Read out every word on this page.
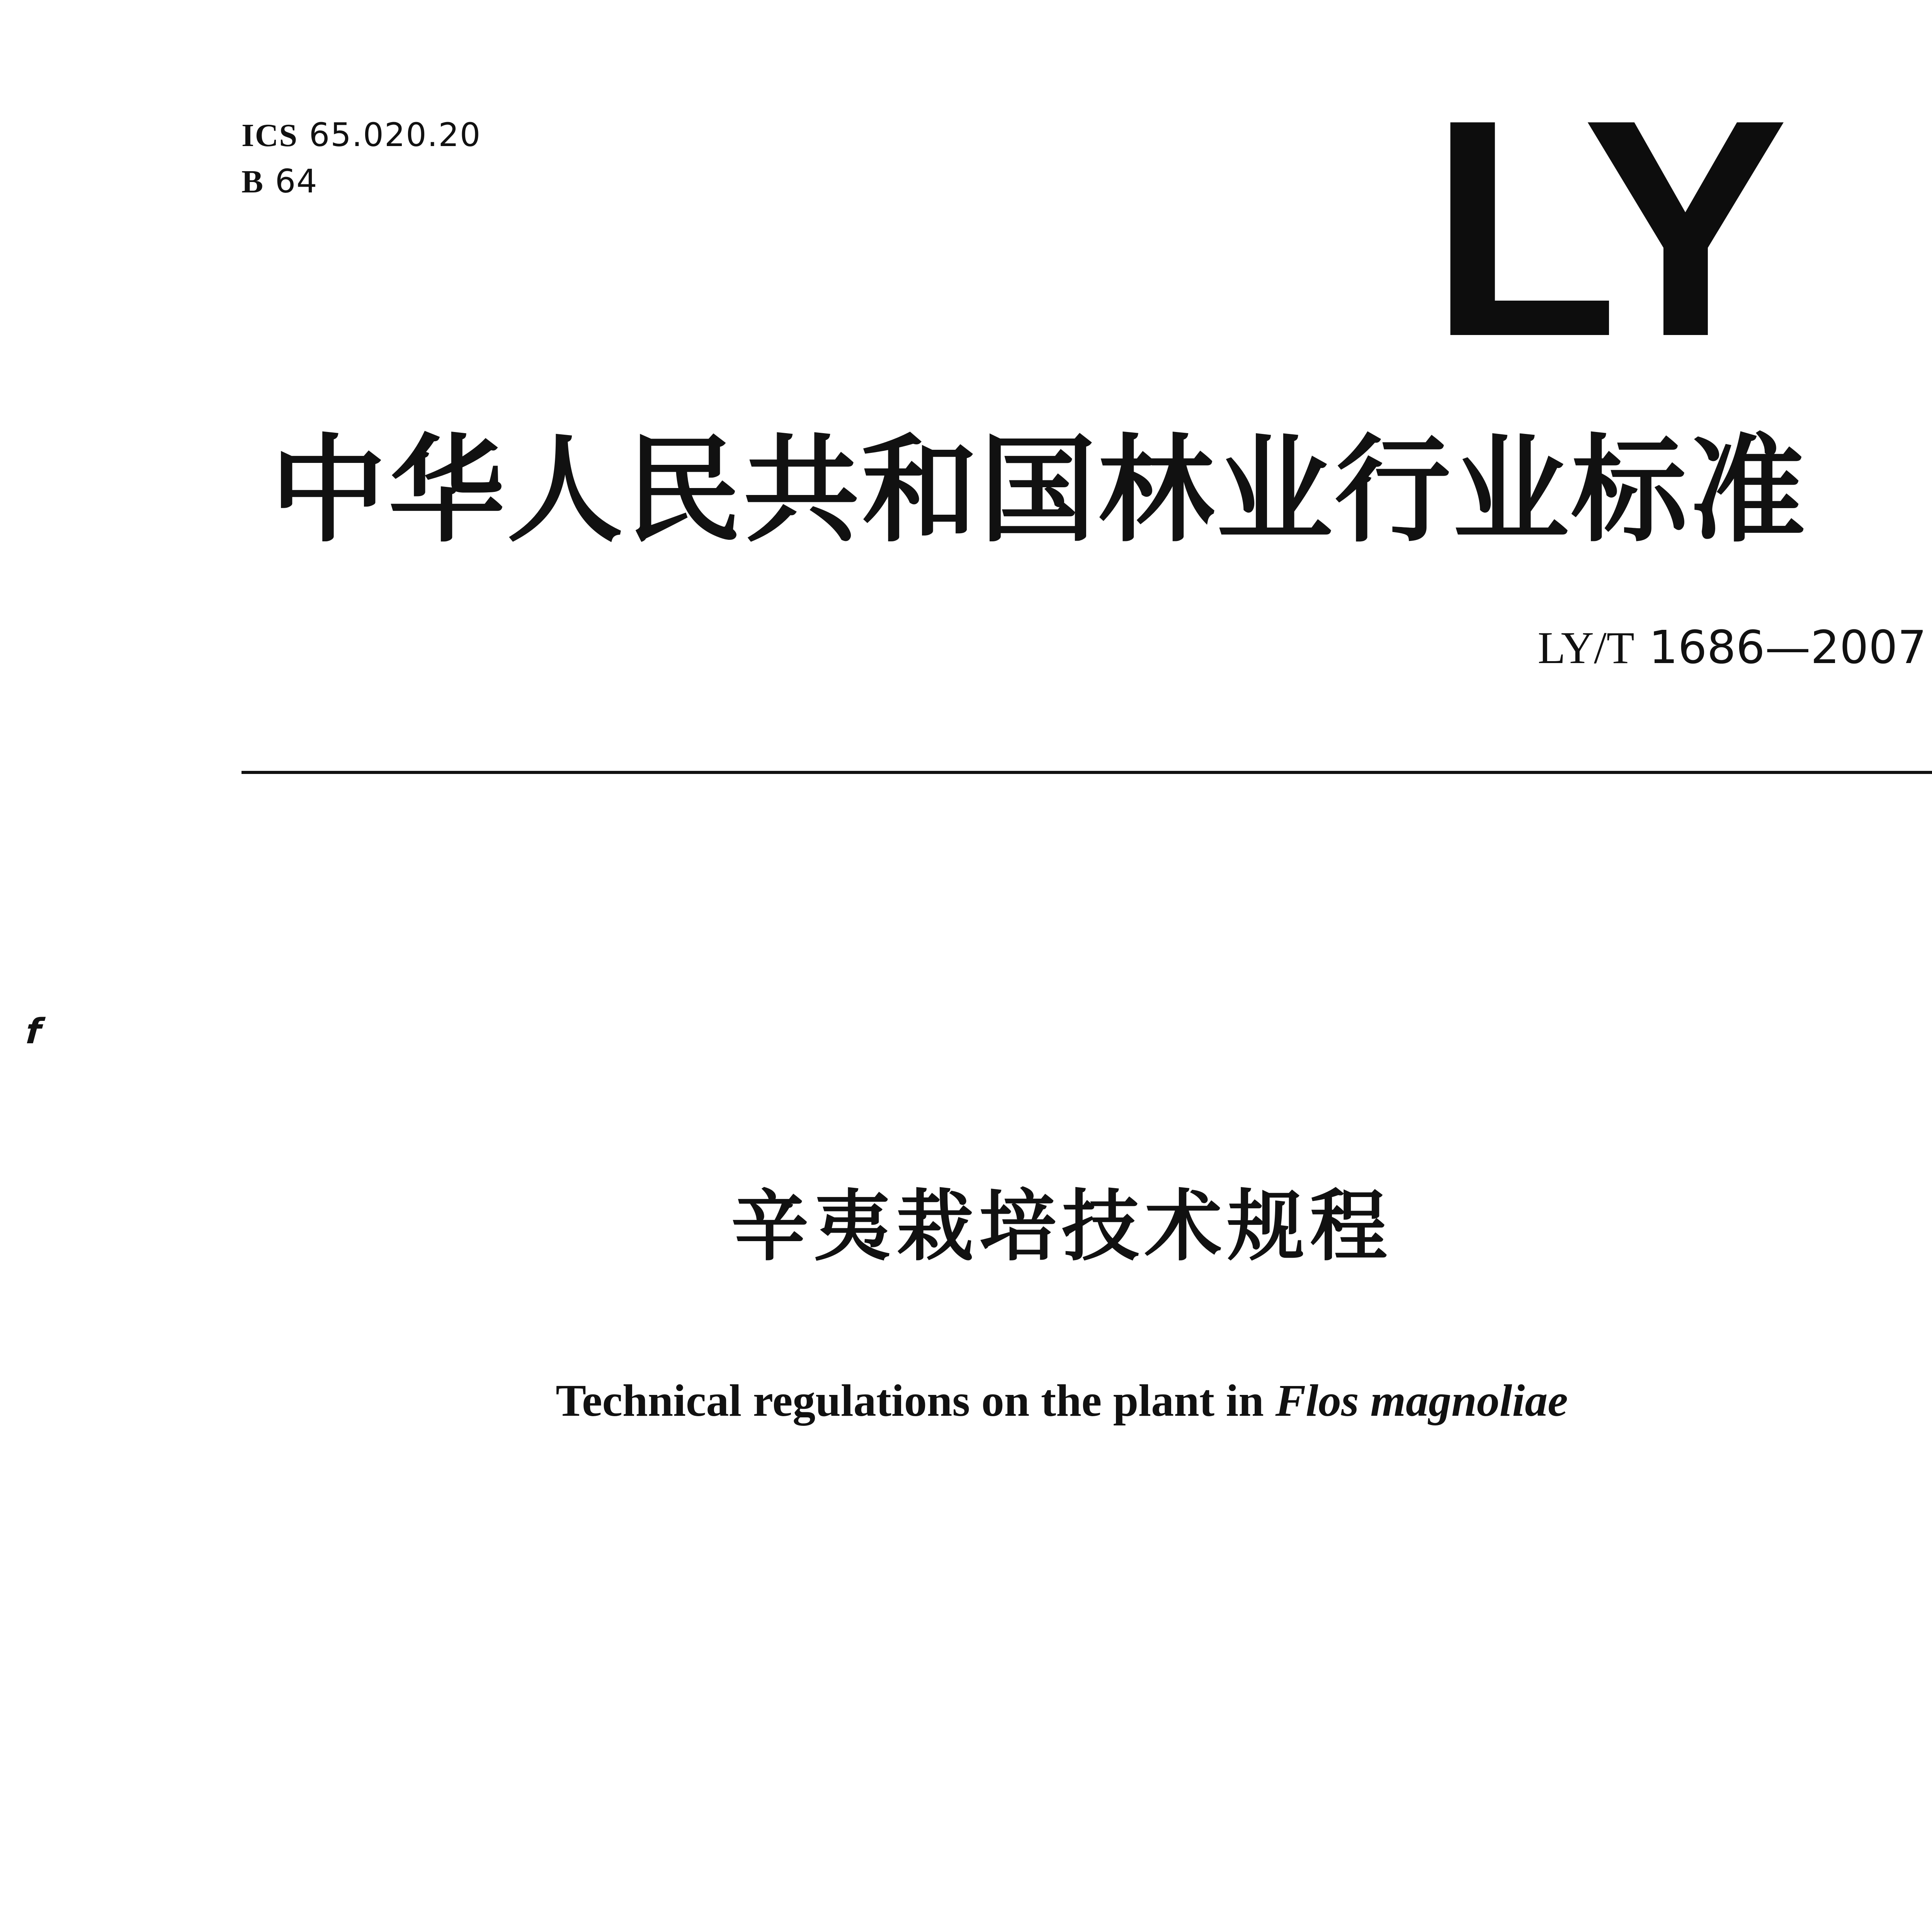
ICS 65.020.20
B 64	LY
中华人民共和国林业行业标准
LY/T 1686—2007
f
辛夷栽培技术规程
Technical regulations on the plant in Flos magnoliae
